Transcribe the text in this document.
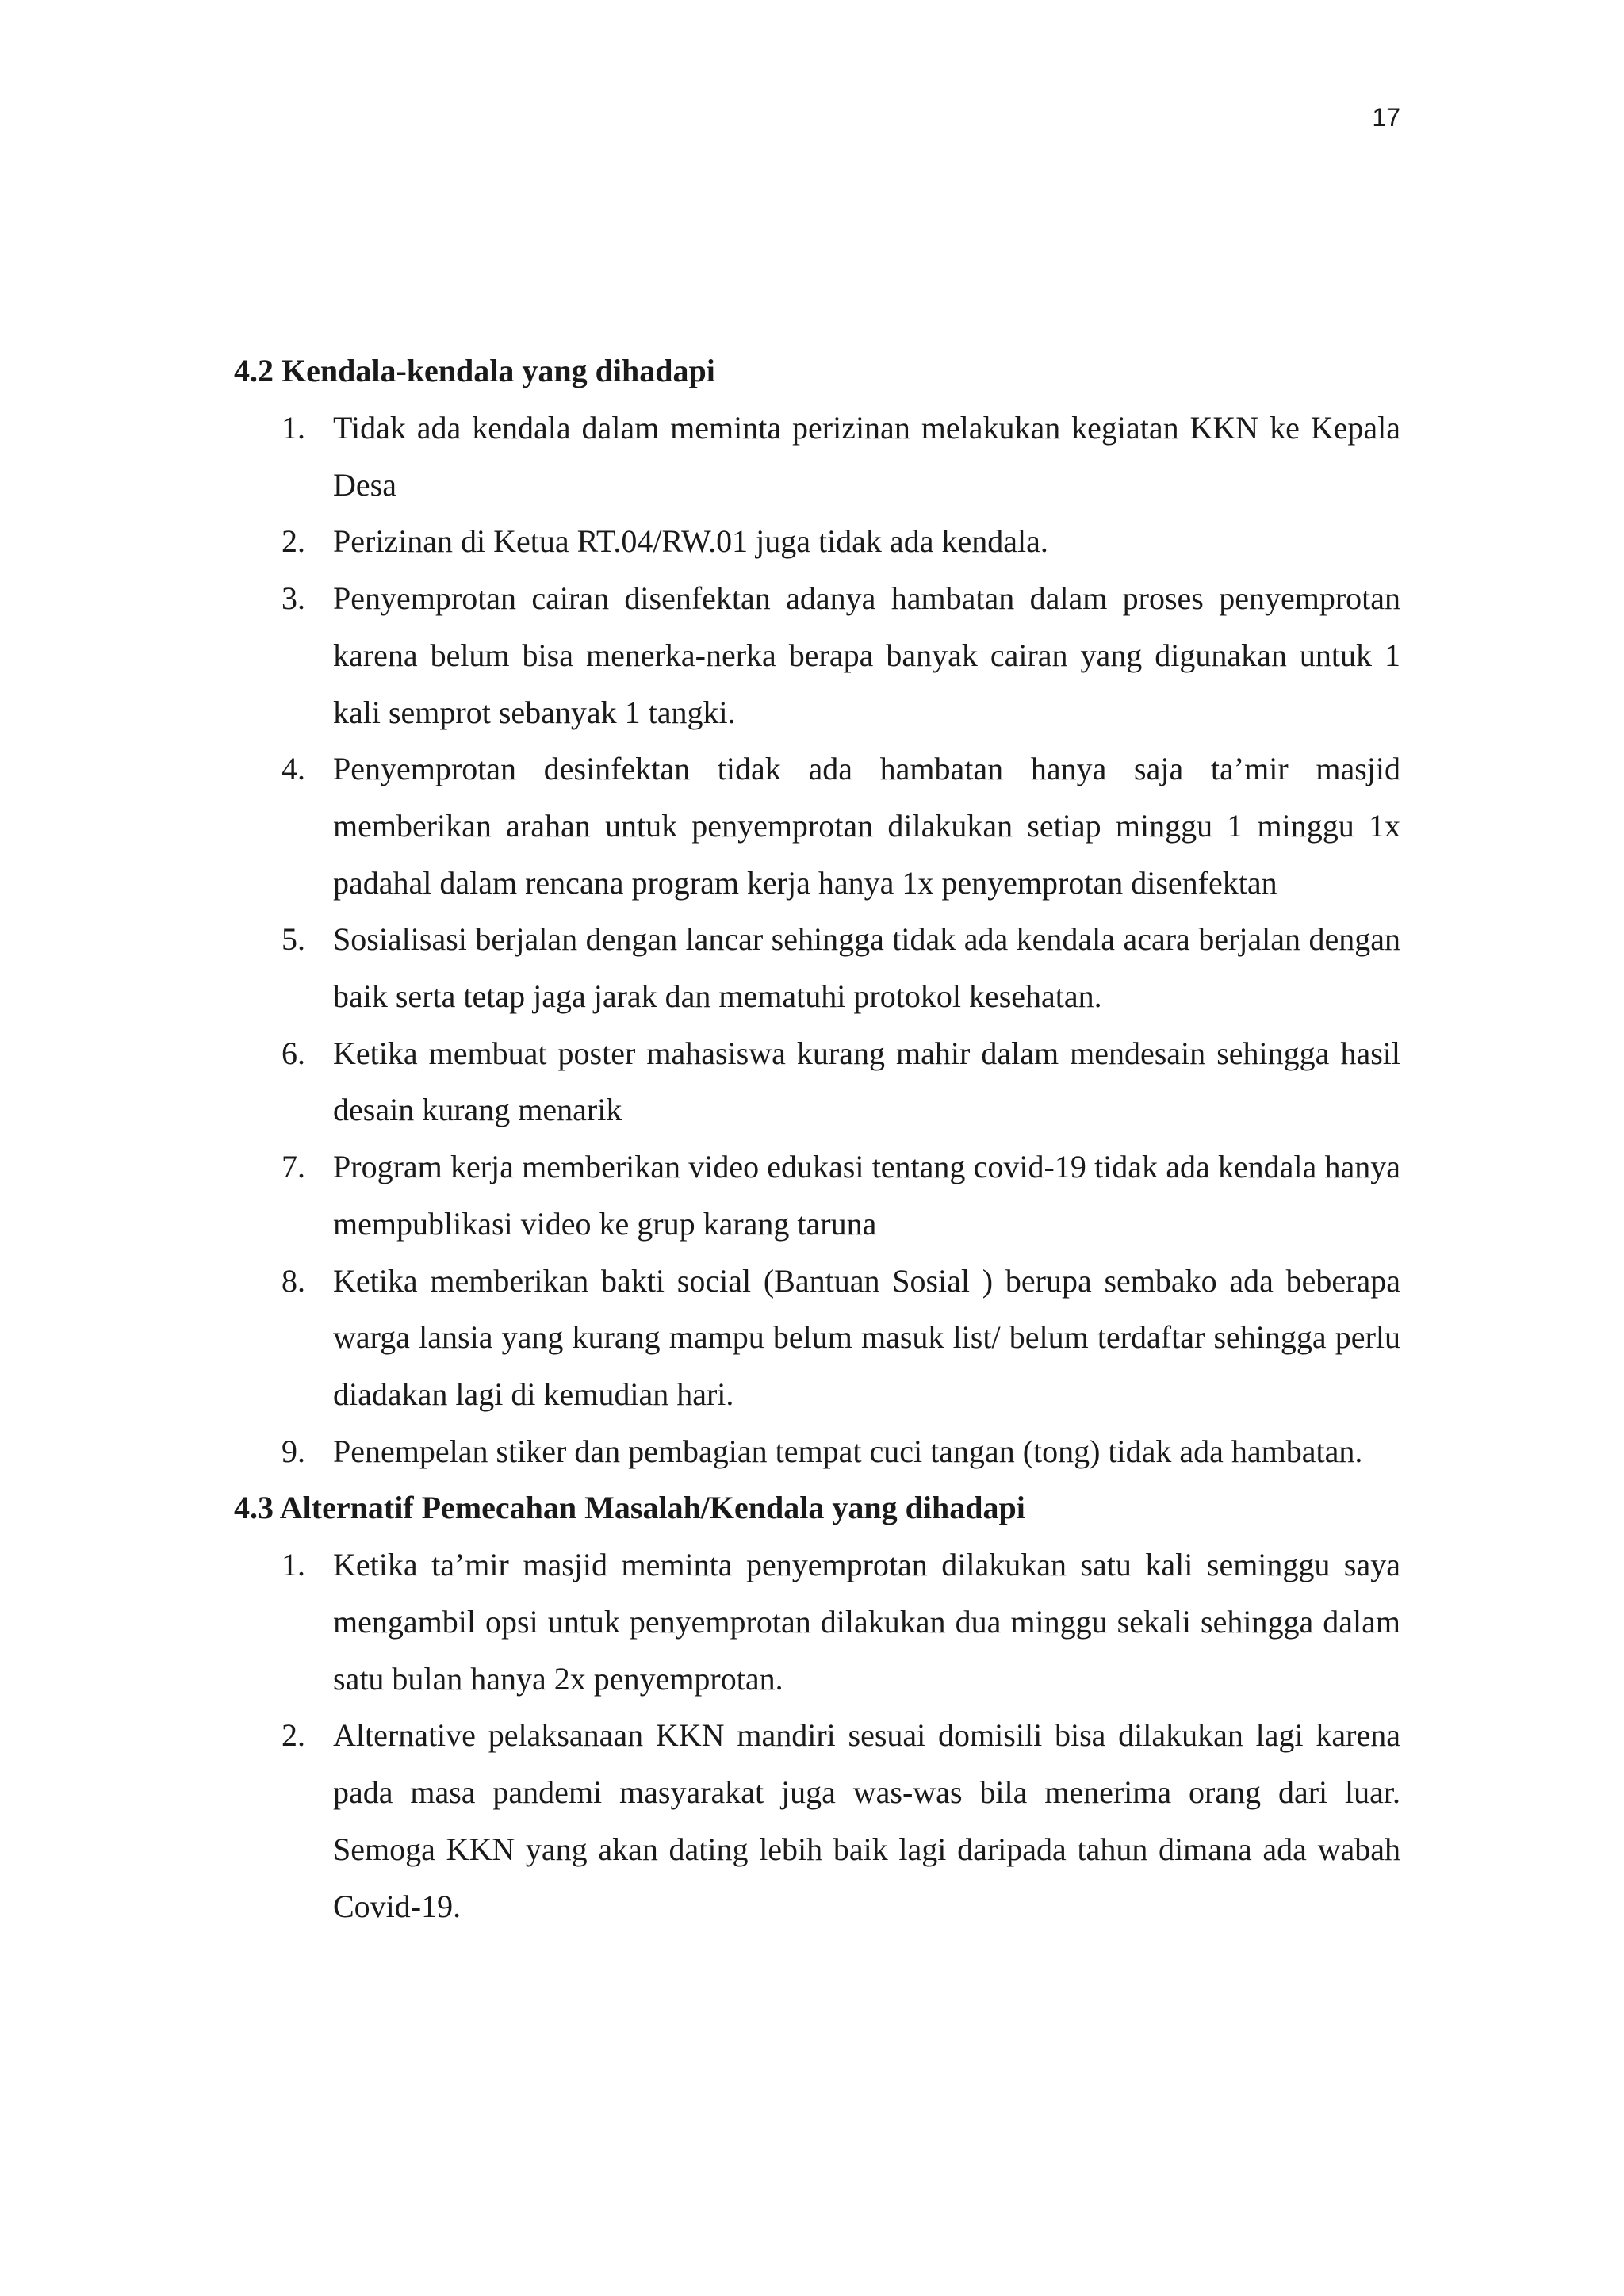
17
4.2 Kendala-kendala yang dihadapi
1. Tidak ada kendala dalam meminta perizinan melakukan kegiatan KKN ke Kepala Desa
2. Perizinan di Ketua RT.04/RW.01 juga tidak ada kendala.
3. Penyemprotan cairan disenfektan adanya hambatan dalam proses penyemprotan karena belum bisa menerka-nerka berapa banyak cairan yang digunakan untuk 1 kali semprot sebanyak 1 tangki.
4. Penyemprotan desinfektan tidak ada hambatan hanya saja ta’mir masjid memberikan arahan untuk penyemprotan dilakukan setiap minggu 1 minggu 1x padahal dalam rencana program kerja hanya 1x penyemprotan disenfektan
5. Sosialisasi berjalan dengan lancar sehingga tidak ada kendala acara berjalan dengan baik serta tetap jaga jarak dan mematuhi protokol kesehatan.
6. Ketika membuat poster mahasiswa kurang mahir dalam mendesain sehingga hasil desain kurang menarik
7. Program kerja memberikan video edukasi tentang covid-19 tidak ada kendala hanya mempublikasi video ke grup karang taruna
8. Ketika memberikan bakti social (Bantuan Sosial ) berupa sembako ada beberapa warga lansia yang kurang mampu belum masuk list/ belum terdaftar sehingga perlu diadakan lagi di kemudian hari.
9. Penempelan stiker dan pembagian tempat cuci tangan (tong) tidak ada hambatan.
4.3 Alternatif Pemecahan Masalah/Kendala yang dihadapi
1. Ketika ta’mir masjid meminta penyemprotan dilakukan satu kali seminggu saya mengambil opsi untuk penyemprotan dilakukan dua minggu sekali sehingga dalam satu bulan hanya 2x penyemprotan.
2. Alternative pelaksanaan KKN mandiri sesuai domisili bisa dilakukan lagi karena pada masa pandemi masyarakat juga was-was bila menerima orang dari luar. Semoga KKN yang akan dating lebih baik lagi daripada tahun dimana ada wabah Covid-19.
